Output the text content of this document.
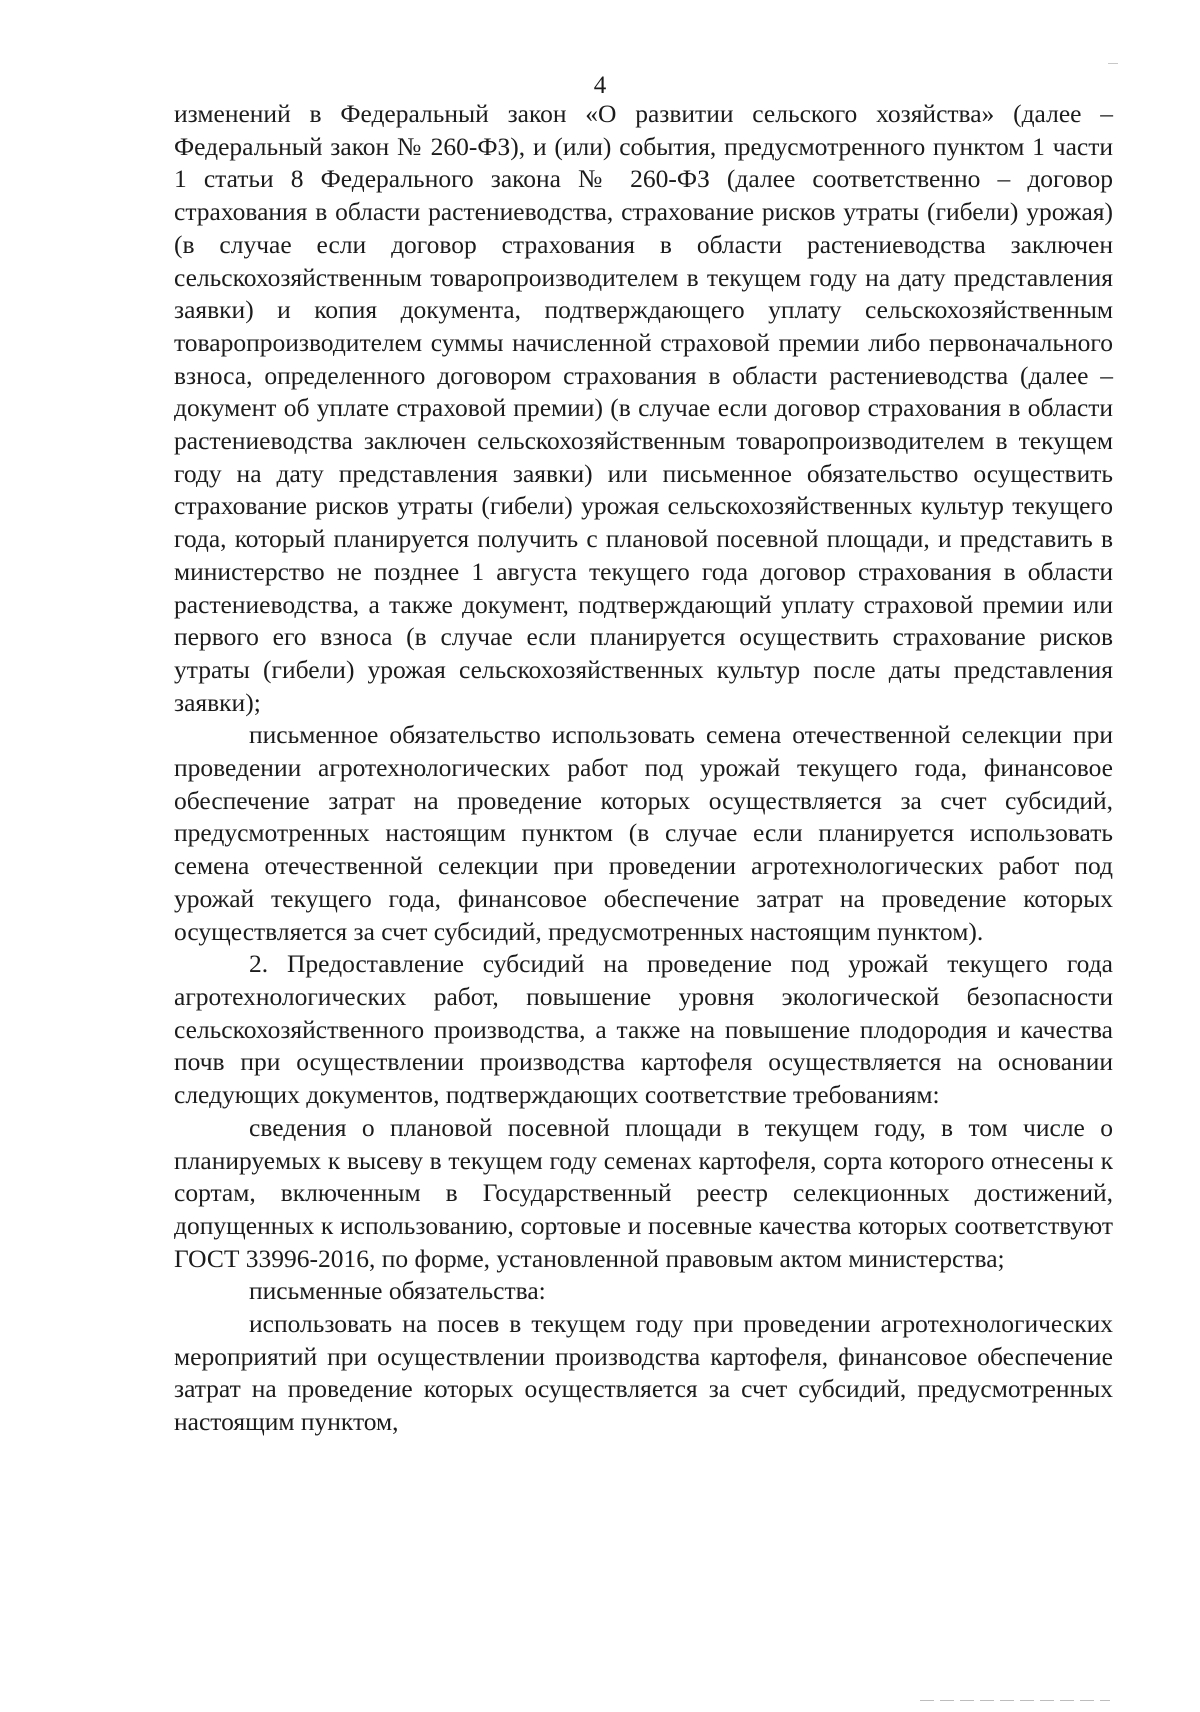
4

изменений в Федеральный закон «О развитии сельского хозяйства» (далее – Федеральный закон № 260-ФЗ), и (или) события, предусмотренного пунктом 1 части 1 статьи 8 Федерального закона № 260-ФЗ (далее соответственно – договор страхования в области растениеводства, страхование рисков утраты (гибели) урожая) (в случае если договор страхования в области растениеводства заключен сельскохозяйственным товаропроизводителем в текущем году на дату представления заявки) и копия документа, подтверждающего уплату сельскохозяйственным товаропроизводителем суммы начисленной страховой премии либо первоначального взноса, определенного договором страхования в области растениеводства (далее – документ об уплате страховой премии) (в случае если договор страхования в области растениеводства заключен сельскохозяйственным товаропроизводителем в текущем году на дату представления заявки) или письменное обязательство осуществить страхование рисков утраты (гибели) урожая сельскохозяйственных культур текущего года, который планируется получить с плановой посевной площади, и представить в министерство не позднее 1 августа текущего года договор страхования в области растениеводства, а также документ, подтверждающий уплату страховой премии или первого его взноса (в случае если планируется осуществить страхование рисков утраты (гибели) урожая сельскохозяйственных культур после даты представления заявки);

письменное обязательство использовать семена отечественной селекции при проведении агротехнологических работ под урожай текущего года, финансовое обеспечение затрат на проведение которых осуществляется за счет субсидий, предусмотренных настоящим пунктом (в случае если планируется использовать семена отечественной селекции при проведении агротехнологических работ под урожай текущего года, финансовое обеспечение затрат на проведение которых осуществляется за счет субсидий, предусмотренных настоящим пунктом).

2. Предоставление субсидий на проведение под урожай текущего года агротехнологических работ, повышение уровня экологической безопасности сельскохозяйственного производства, а также на повышение плодородия и качества почв при осуществлении производства картофеля осуществляется на основании следующих документов, подтверждающих соответствие требованиям:

сведения о плановой посевной площади в текущем году, в том числе о планируемых к высеву в текущем году семенах картофеля, сорта которого отнесены к сортам, включенным в Государственный реестр селекционных достижений, допущенных к использованию, сортовые и посевные качества которых соответствуют ГОСТ 33996-2016, по форме, установленной правовым актом министерства;

письменные обязательства:

использовать на посев в текущем году при проведении агротехнологических мероприятий при осуществлении производства картофеля, финансовое обеспечение затрат на проведение которых осуществляется за счет субсидий, предусмотренных настоящим пунктом,
